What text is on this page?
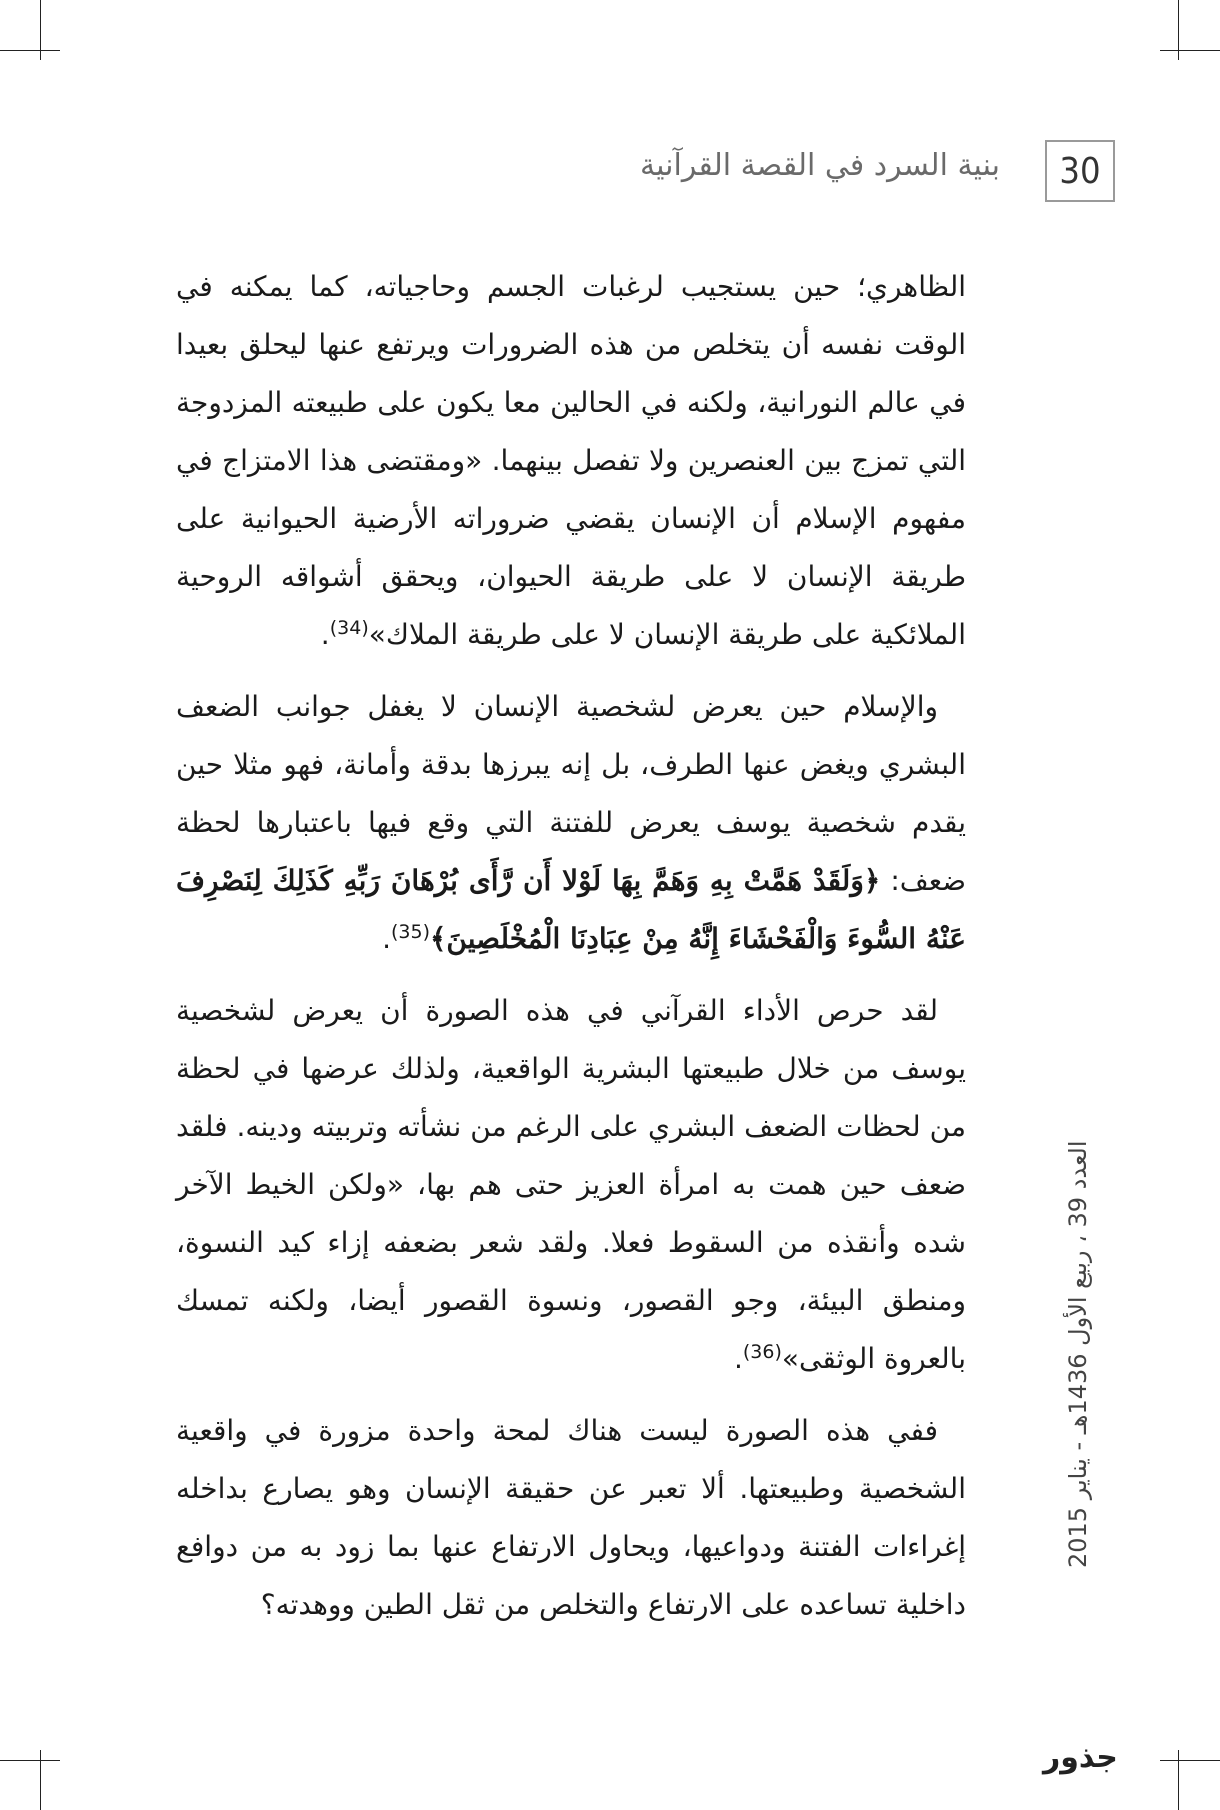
30
بنية السرد في القصة القرآنية

الظاهري؛ حين يستجيب لرغبات الجسم وحاجياته، كما يمكنه في الوقت نفسه أن يتخلص من هذه الضرورات ويرتفع عنها ليحلق بعيدا في عالم النورانية، ولكنه في الحالين معا يكون على طبيعته المزدوجة التي تمزج بين العنصرين ولا تفصل بينهما. «ومقتضى هذا الامتزاج في مفهوم الإسلام أن الإنسان يقضي ضروراته الأرضية الحيوانية على طريقة الإنسان لا على طريقة الحيوان، ويحقق أشواقه الروحية الملائكية على طريقة الإنسان لا على طريقة الملاك»$^{(34)}$.

والإسلام حين يعرض لشخصية الإنسان لا يغفل جوانب الضعف البشري ويغض عنها الطرف، بل إنه يبرزها بدقة وأمانة، فهو مثلا حين يقدم شخصية يوسف يعرض للفتنة التي وقع فيها باعتبارها لحظة ضعف: ﴿وَلَقَدْ هَمَّتْ بِهِ وَهَمَّ بِهَا لَوْلا أَن رَّأَى بُرْهَانَ رَبِّهِ كَذَلِكَ لِنَصْرِفَ عَنْهُ السُّوءَ وَالْفَحْشَاءَ إِنَّهُ مِنْ عِبَادِنَا الْمُخْلَصِينَ﴾$^{(35)}$.

لقد حرص الأداء القرآني في هذه الصورة أن يعرض لشخصية يوسف من خلال طبيعتها البشرية الواقعية، ولذلك عرضها في لحظة من لحظات الضعف البشري على الرغم من نشأته وتربيته ودينه. فلقد ضعف حين همت به امرأة العزيز حتى هم بها، «ولكن الخيط الآخر شده وأنقذه من السقوط فعلا. ولقد شعر بضعفه إزاء كيد النسوة، ومنطق البيئة، وجو القصور، ونسوة القصور أيضا، ولكنه تمسك بالعروة الوثقى»$^{(36)}$.

ففي هذه الصورة ليست هناك لمحة واحدة مزورة في واقعية الشخصية وطبيعتها. ألا تعبر عن حقيقة الإنسان وهو يصارع بداخله إغراءات الفتنة ودواعيها، ويحاول الارتفاع عنها بما زود به من دوافع داخلية تساعده على الارتفاع والتخلص من ثقل الطين ووهدته؟

العدد 39 ، ربيع الأول 1436هـ - يناير 2015
جذور
